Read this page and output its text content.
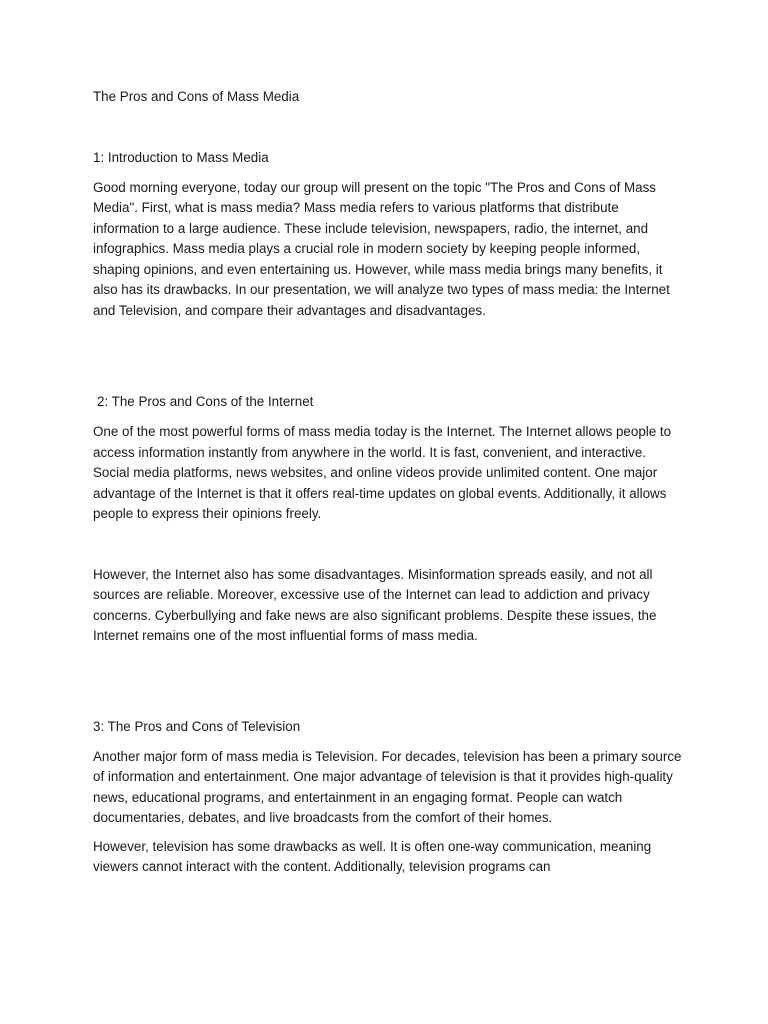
The Pros and Cons of Mass Media

1: Introduction to Mass Media

Good morning everyone, today our group will present on the topic "The Pros and Cons of Mass Media". First, what is mass media? Mass media refers to various platforms that distribute information to a large audience. These include television, newspapers, radio, the internet, and infographics. Mass media plays a crucial role in modern society by keeping people informed, shaping opinions, and even entertaining us. However, while mass media brings many benefits, it also has its drawbacks. In our presentation, we will analyze two types of mass media: the Internet and Television, and compare their advantages and disadvantages.

2: The Pros and Cons of the Internet

One of the most powerful forms of mass media today is the Internet. The Internet allows people to access information instantly from anywhere in the world. It is fast, convenient, and interactive. Social media platforms, news websites, and online videos provide unlimited content. One major advantage of the Internet is that it offers real-time updates on global events. Additionally, it allows people to express their opinions freely.

However, the Internet also has some disadvantages. Misinformation spreads easily, and not all sources are reliable. Moreover, excessive use of the Internet can lead to addiction and privacy concerns. Cyberbullying and fake news are also significant problems. Despite these issues, the Internet remains one of the most influential forms of mass media.

3: The Pros and Cons of Television

Another major form of mass media is Television. For decades, television has been a primary source of information and entertainment. One major advantage of television is that it provides high-quality news, educational programs, and entertainment in an engaging format. People can watch documentaries, debates, and live broadcasts from the comfort of their homes.

However, television has some drawbacks as well. It is often one-way communication, meaning viewers cannot interact with the content. Additionally, television programs can
